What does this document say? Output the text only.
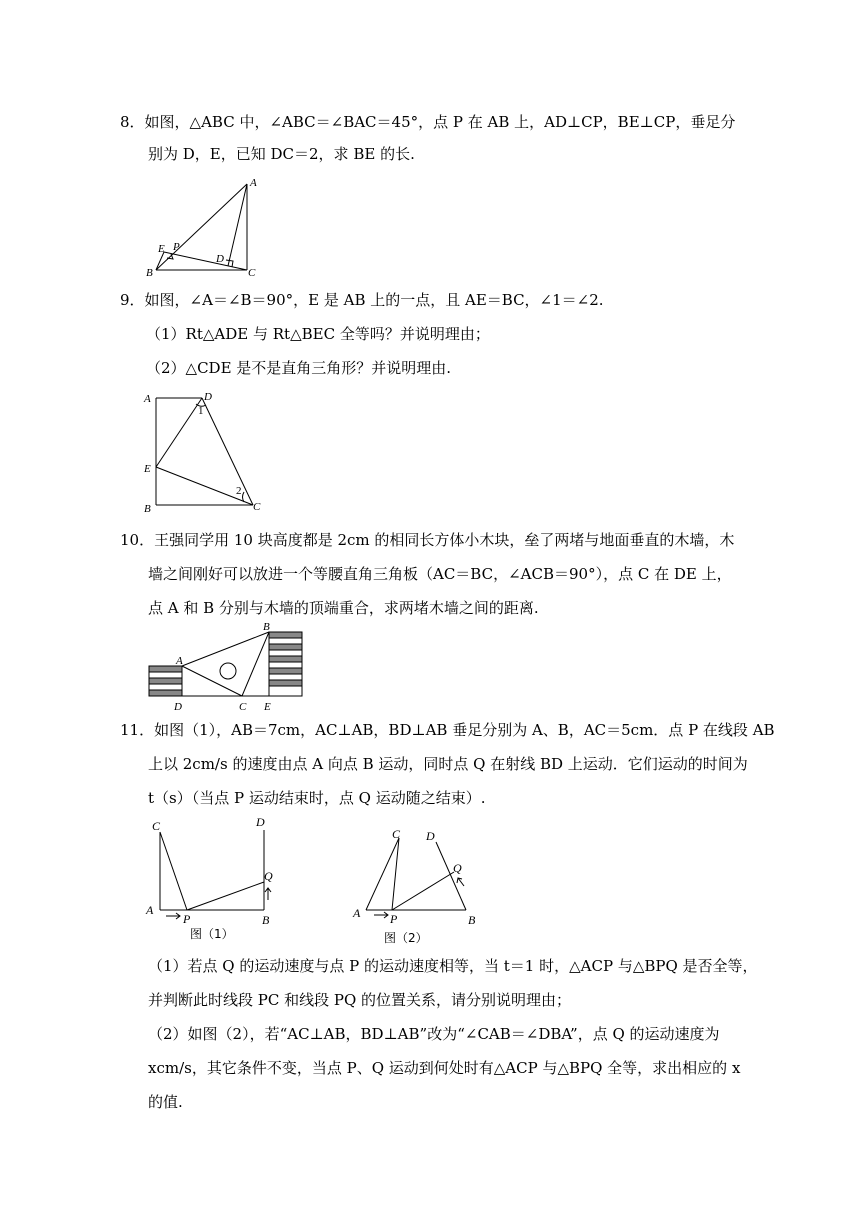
8．如图，△ABC 中，∠ABC＝∠BAC＝45°，点 P 在 AB 上，AD⊥CP，BE⊥CP，垂足分
别为 D，E，已知 DC＝2，求 BE 的长.
A
B	C
D
E P
9．如图，∠A＝∠B＝90°，E 是 AB 上的一点，且 AE＝BC，∠1＝∠2.
（1）Rt△ADE 与 Rt△BEC 全等吗？并说明理由；
（2）△CDE 是不是直角三角形？并说明理由.
A	D
1
E
B
2
C
10．王强同学用 10 块高度都是 2cm 的相同长方体小木块，垒了两堵与地面垂直的木墙，木
墙之间刚好可以放进一个等腰直角三角板（AC＝BC，∠ACB＝90°），点 C 在 DE 上，
点 A 和 B 分别与木墙的顶端重合，求两堵木墙之间的距离.
A
B
D	C E
11．如图（1），AB＝7cm，AC⊥AB，BD⊥AB 垂足分别为 A、B，AC＝5cm．点 P 在线段 AB
上以 2cm/s 的速度由点 A 向点 B 运动，同时点 Q 在射线 BD 上运动．它们运动的时间为
t（s）（当点 P 运动结束时，点 Q 运动随之结束）.
C	D
Q
A
P	B
图（1）
C D
Q
A P	B
图（2）
（1）若点 Q 的运动速度与点 P 的运动速度相等，当 t＝1 时，△ACP 与△BPQ 是否全等，
并判断此时线段 PC 和线段 PQ 的位置关系，请分别说明理由；
（2）如图（2），若“AC⊥AB，BD⊥AB”改为“∠CAB＝∠DBA”，点 Q 的运动速度为
xcm/s，其它条件不变，当点 P、Q 运动到何处时有△ACP 与△BPQ 全等，求出相应的 x
的值.
